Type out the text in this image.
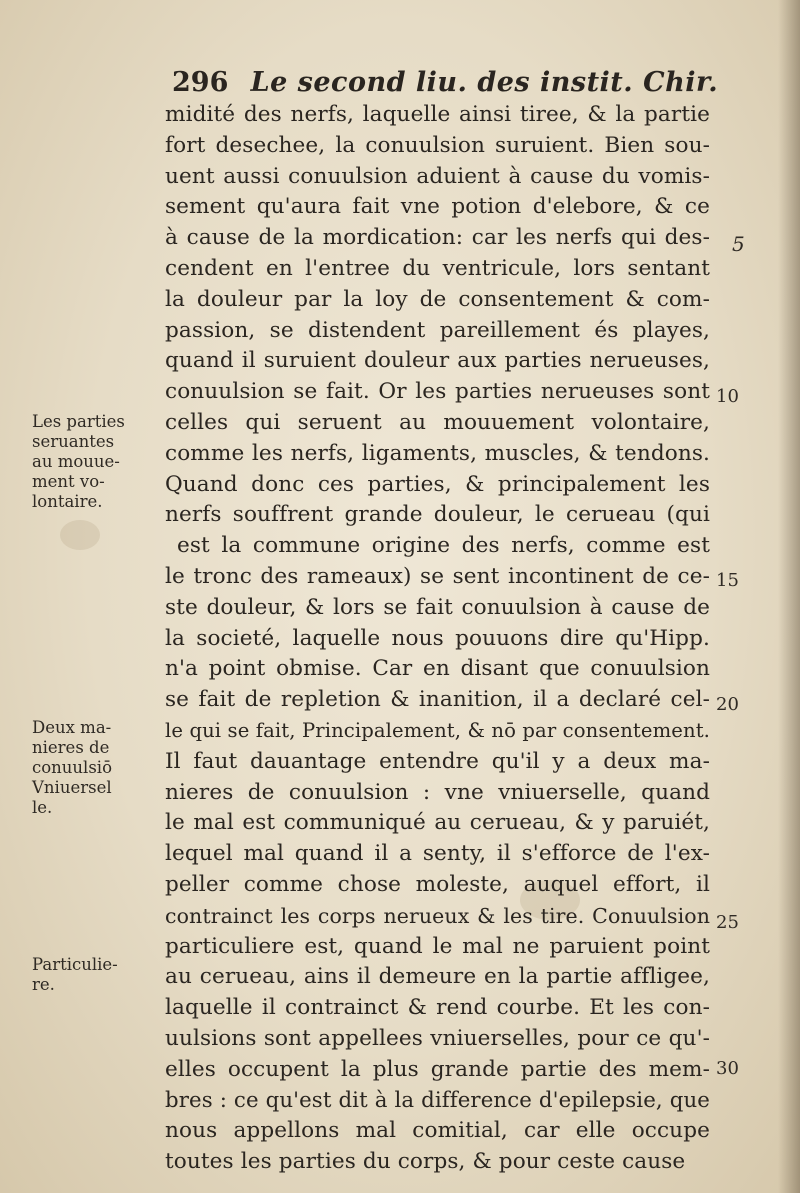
296 Le second liu. des instit. Chir.
midité des nerfs, laquelle ainsi tiree, & la partie
fort desechee, la conuulsion suruient. Bien sou-
uent aussi conuulsion aduient à cause du vomis-
sement qu'aura fait vne potion d'elebore, & ce
à cause de la mordication: car les nerfs qui des-
cendent en l'entree du ventricule, lors sentant
la douleur par la loy de consentement & com-
passion, se distendent pareillement és playes,
quand il suruient douleur aux parties nerueuses,
conuulsion se fait. Or les parties nerueuses sont
celles qui seruent au mouuement volontaire,
comme les nerfs, ligaments, muscles, & tendons.
Quand donc ces parties, & principalement les
nerfs souffrent grande douleur, le cerueau (qui
est la commune origine des nerfs, comme est
le tronc des rameaux) se sent incontinent de ce-
ste douleur, & lors se fait conuulsion à cause de
la societé, laquelle nous pouuons dire qu'Hipp.
n'a point obmise. Car en disant que conuulsion
se fait de repletion & inanition, il a declaré cel-
le qui se fait, Principalement, & nō par consentement.
Il faut dauantage entendre qu'il y a deux ma-
nieres de conuulsion : vne vniuerselle, quand
le mal est communiqué au cerueau, & y paruiét,
lequel mal quand il a senty, il s'efforce de l'ex-
peller comme chose moleste, auquel effort, il
contrainct les corps nerueux & les tire. Conuulsion
particuliere est, quand le mal ne paruient point
au cerueau, ains il demeure en la partie affligee,
laquelle il contrainct & rend courbe. Et les con-
uulsions sont appellees vniuerselles, pour ce qu'-
elles occupent la plus grande partie des mem-
bres : ce qu'est dit à la difference d'epilepsie, que
nous appellons mal comitial, car elle occupe
toutes les parties du corps, & pour ceste cause
Les parties
seruantes
au mouue-
ment vo-
lontaire.
Deux ma-
nieres de
conuulsiō
Vniuersel
le.
Particulie-
re.
5
10
15
20
25
30
